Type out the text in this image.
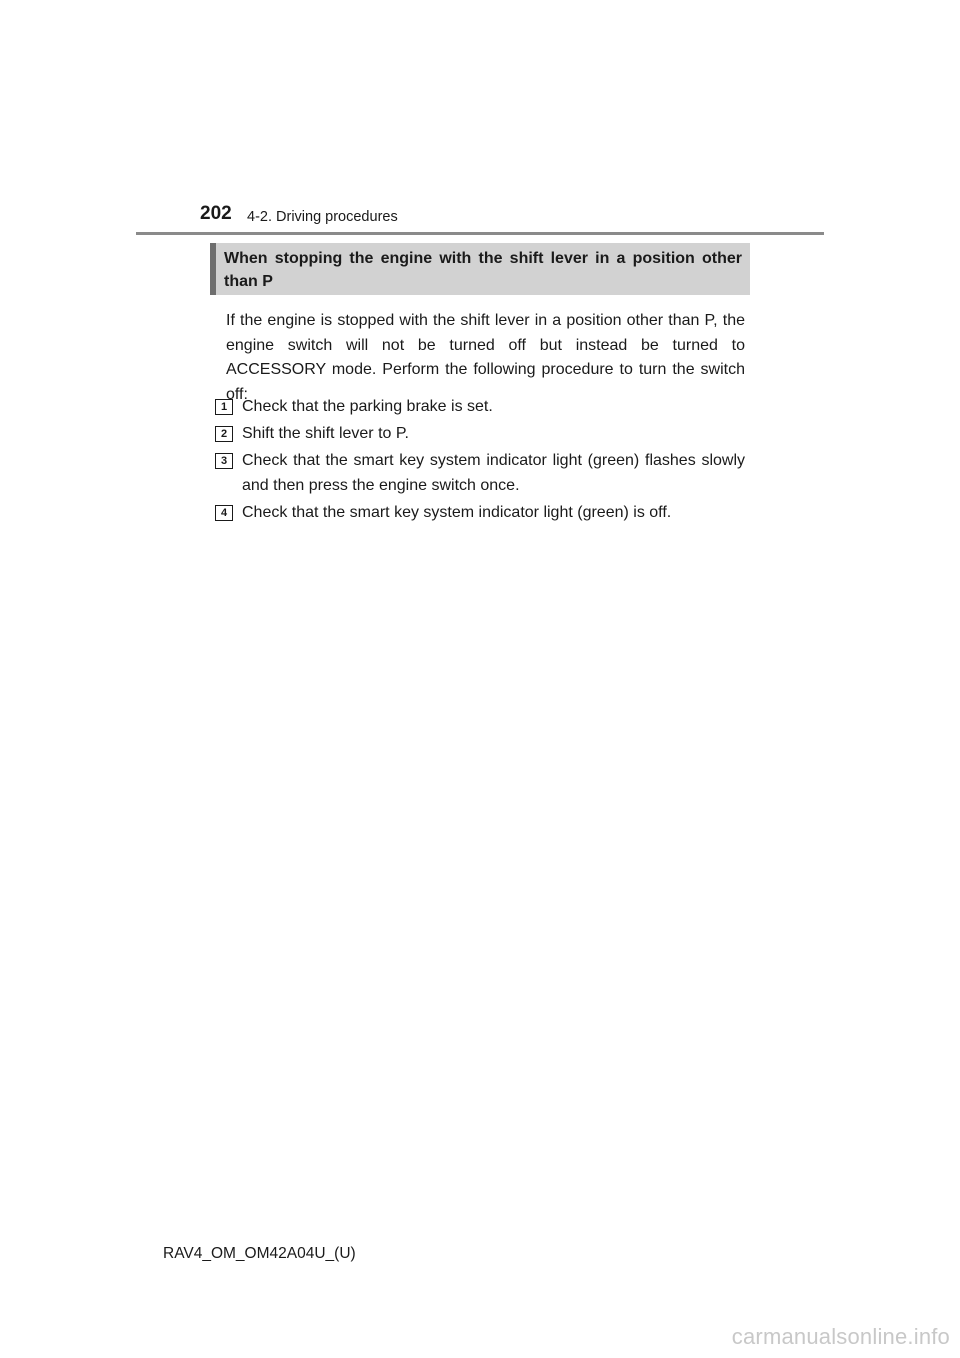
202 4-2. Driving procedures
When stopping the engine with the shift lever in a position other than P

If the engine is stopped with the shift lever in a position other than P, the engine switch will not be turned off but instead be turned to ACCESSORY mode. Perform the following procedure to turn the switch off:

1 Check that the parking brake is set.
2 Shift the shift lever to P.
3 Check that the smart key system indicator light (green) flashes slowly and then press the engine switch once.
4 Check that the smart key system indicator light (green) is off.
RAV4_OM_OM42A04U_(U)
carmanualsonline.info
